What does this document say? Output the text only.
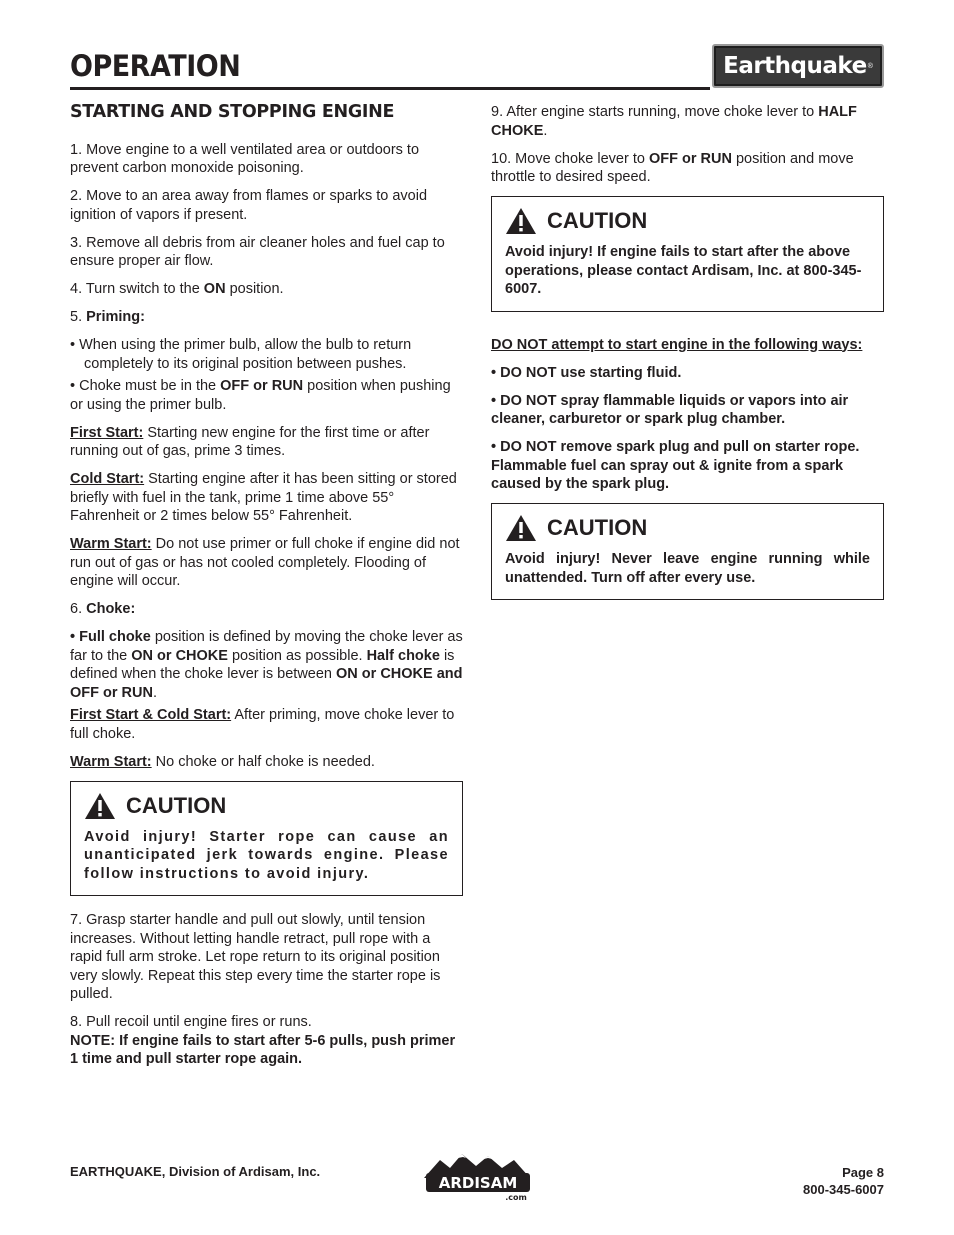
OPERATION	Earthquake ®
STARTING AND STOPPING ENGINE

1. Move engine to a well ventilated area or outdoors to prevent carbon monoxide poisoning.

2. Move to an area away from flames or sparks to avoid ignition of vapors if present.

3. Remove all debris from air cleaner holes and fuel cap to ensure proper air flow.

4. Turn switch to the ON position.

5. Priming:

• When using the primer bulb, allow the bulb to return completely to its original position between pushes.

• Choke must be in the OFF or RUN position when pushing or using the primer bulb.

First Start: Starting new engine for the first time or after running out of gas, prime 3 times.

Cold Start: Starting engine after it has been sitting or stored briefly with fuel in the tank, prime 1 time above 55° Fahrenheit or 2 times below 55° Fahrenheit.

Warm Start: Do not use primer or full choke if engine did not run out of gas or has not cooled completely. Flooding of engine will occur.

6. Choke:

• Full choke position is defined by moving the choke lever as far to the ON or CHOKE position as possible. Half choke is defined when the choke lever is between ON or CHOKE and OFF or RUN.

First Start & Cold Start: After priming, move choke lever to full choke.

Warm Start: No choke or half choke is needed.

CAUTION
Avoid injury! Starter rope can cause an unanticipated jerk towards engine. Please follow instructions to avoid injury.

7. Grasp starter handle and pull out slowly, until tension increases. Without letting handle retract, pull rope with a rapid full arm stroke. Let rope return to its original position very slowly. Repeat this step every time the starter rope is pulled.

8. Pull recoil until engine fires or runs.
NOTE: If engine fails to start after 5-6 pulls, push primer 1 time and pull starter rope again.

9. After engine starts running, move choke lever to HALF CHOKE.

10. Move choke lever to OFF or RUN position and move throttle to desired speed.

CAUTION
Avoid injury! If engine fails to start after the above operations, please contact Ardisam, Inc. at 800-345-6007.

DO NOT attempt to start engine in the following ways:

• DO NOT use starting fluid.

• DO NOT spray flammable liquids or vapors into air cleaner, carburetor or spark plug chamber.

• DO NOT remove spark plug and pull on starter rope. Flammable fuel can spray out & ignite from a spark caused by the spark plug.

CAUTION
Avoid injury! Never leave engine running while unattended. Turn off after every use.
EARTHQUAKE, Division of Ardisam, Inc.
ARDISAM
.com
Page 8
800-345-6007
